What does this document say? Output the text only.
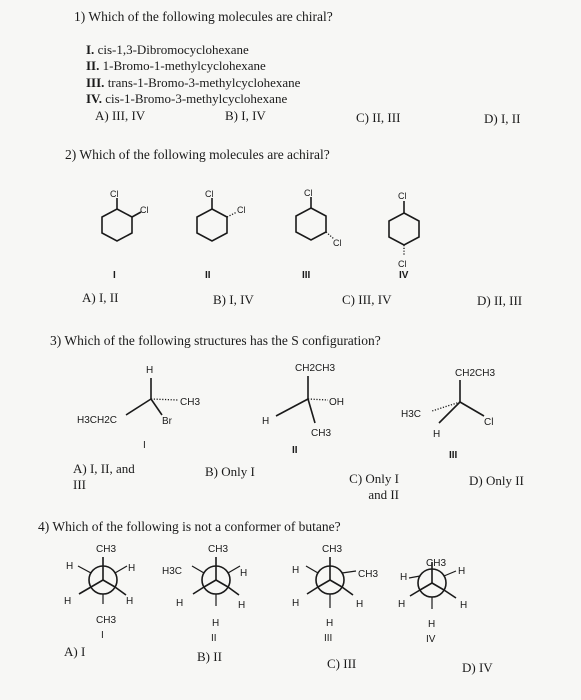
1) Which of the following molecules are chiral?
I. cis-1,3-Dibromocyclohexane
II. 1-Bromo-1-methylcyclohexane
III. trans-1-Bromo-3-methylcyclohexane
IV. cis-1-Bromo-3-methylcyclohexane
A) III, IV	B) I, IV	C) II, III	D) I, II
2) Which of the following molecules are achiral?
Cl
Cl
Cl
Cl
Cl
Cl
Cl
Cl
H
CH3
H3CH2C	Br
CH2CH3
OH
H
CH3
CH2CH3
H3C
Cl
H
CH3
H	H
H	H
CH3
I
CH3
H3C	H
H	H
H
II
CH3
H	CH3
H	H
H
III
CH3
H
H
H	H
H
IV
I	II	III	IV
A) I, II	B) I, IV	C) III, IV	D) II, III
3) Which of the following structures has the S configuration?
I	II	III
A) I, II, and III
B) Only I	C) Only I and II
D) Only II
4) Which of the following is not a conformer of butane?
A) I	B) II	C) III	D) IV
